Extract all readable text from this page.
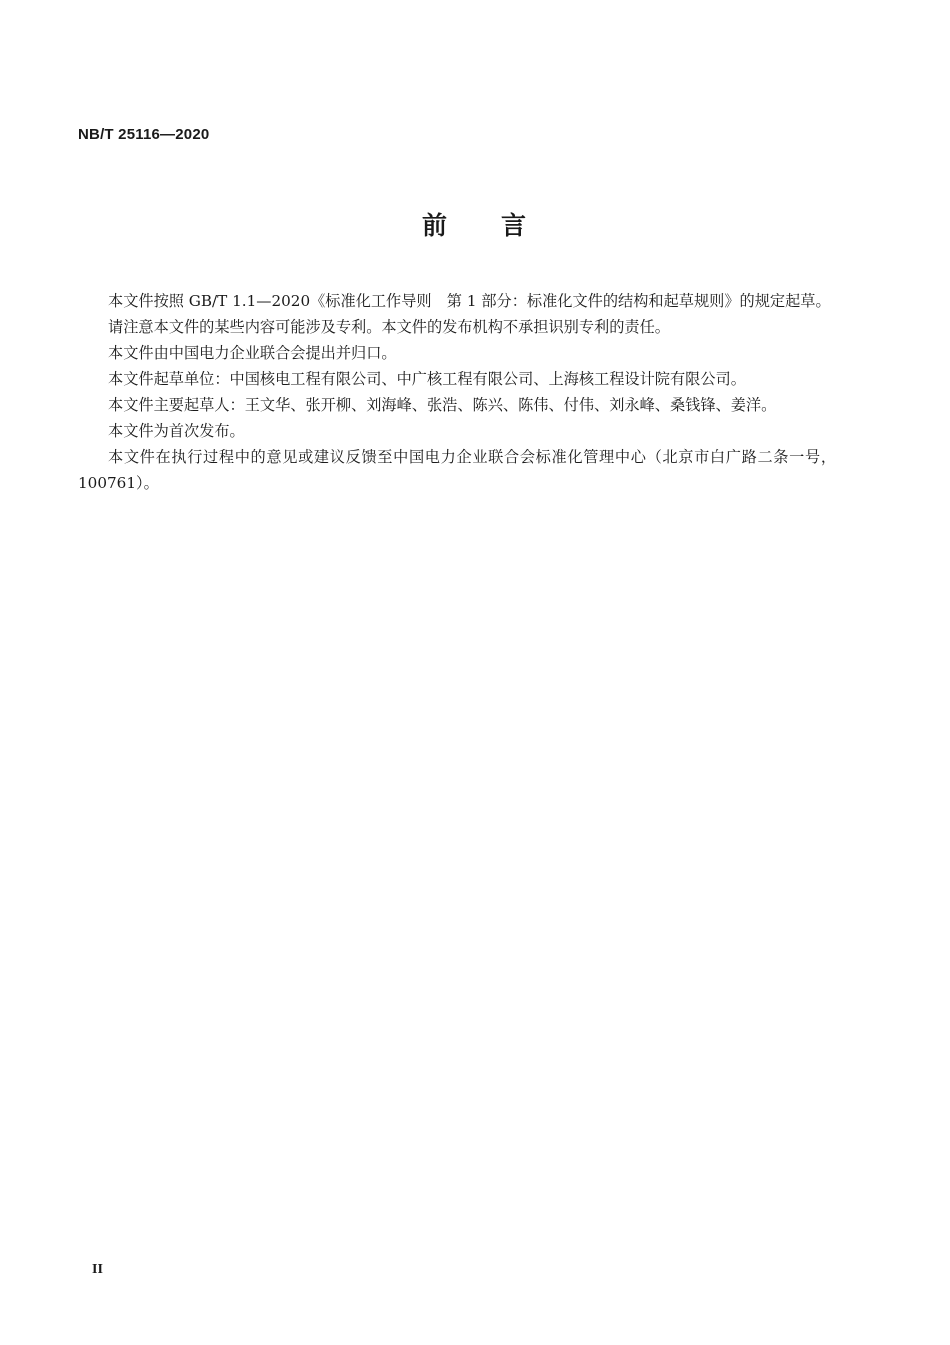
NB/T 25116—2020
前 言

本文件按照 GB/T 1.1—2020《标准化工作导则　第 1 部分：标准化文件的结构和起草规则》的规定起草。

请注意本文件的某些内容可能涉及专利。本文件的发布机构不承担识别专利的责任。

本文件由中国电力企业联合会提出并归口。

本文件起草单位：中国核电工程有限公司、中广核工程有限公司、上海核工程设计院有限公司。

本文件主要起草人：王文华、张开柳、刘海峰、张浩、陈兴、陈伟、付伟、刘永峰、桑钱锋、姜洋。

本文件为首次发布。

本文件在执行过程中的意见或建议反馈至中国电力企业联合会标准化管理中心（北京市白广路二条一号，100761）。

II
